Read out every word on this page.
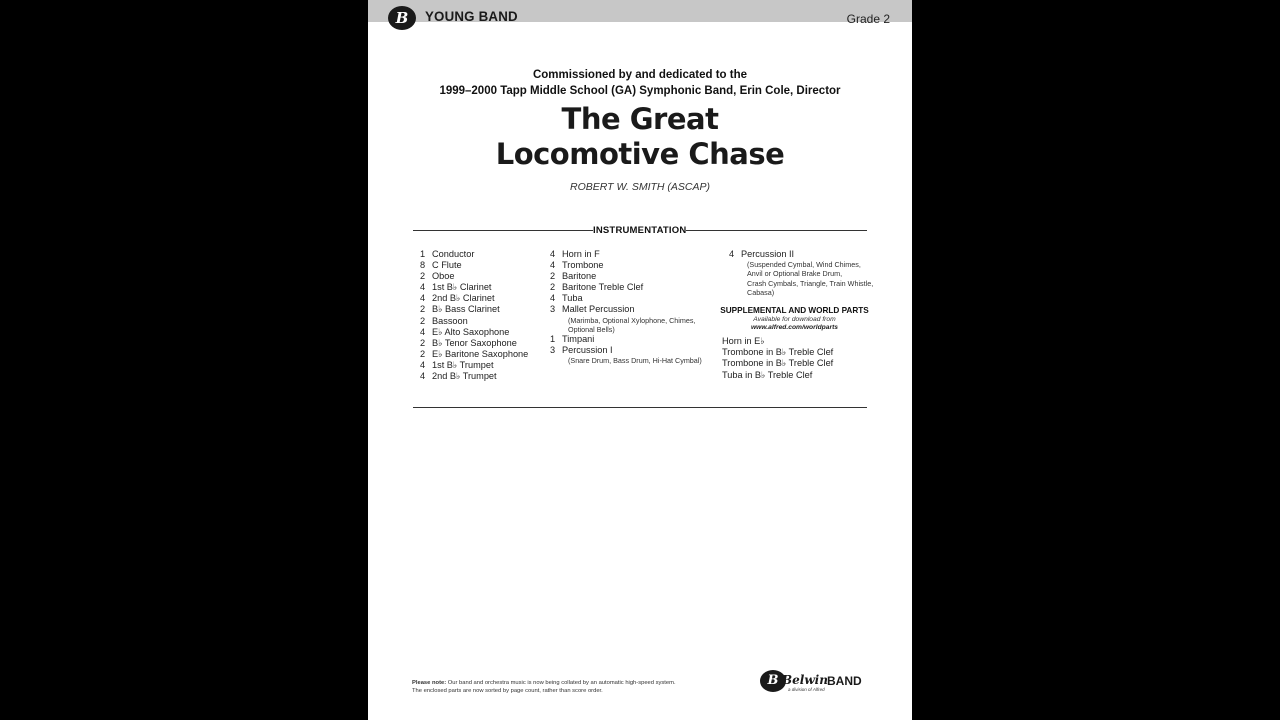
B	YOUNG BAND	Grade 2
Commissioned by and dedicated to the
1999–2000 Tapp Middle School (GA) Symphonic Band, Erin Cole, Director
The Great
Locomotive Chase
ROBERT W. SMITH (ASCAP)
INSTRUMENTATION
1 Conductor
8 C Flute
2 Oboe
4 1st B♭ Clarinet
4 2nd B♭ Clarinet
2 B♭ Bass Clarinet
2 Bassoon
4 E♭ Alto Saxophone
2 B♭ Tenor Saxophone
2 E♭ Baritone Saxophone
4 1st B♭ Trumpet
4 2nd B♭ Trumpet
4 Horn in F
4 Trombone
2 Baritone
2 Baritone Treble Clef
4 Tuba
3 Mallet Percussion
(Marimba, Optional Xylophone, Chimes,
Optional Bells)
1 Timpani
3 Percussion I
(Snare Drum, Bass Drum, Hi-Hat Cymbal)
4 Percussion II
(Suspended Cymbal, Wind Chimes,
Anvil or Optional Brake Drum,
Crash Cymbals, Triangle, Train Whistle,
Cabasa)
SUPPLEMENTAL AND WORLD PARTS
Available for download from
www.alfred.com/worldparts
Horn in E♭
Trombone in B♭ Treble Clef
Trombone in B♭ Treble Clef
Tuba in B♭ Treble Clef
Please note: Our band and orchestra music is now being collated by an automatic high-speed system.
The enclosed parts are now sorted by page count, rather than score order.
B Belwin BAND
a division of Alfred
